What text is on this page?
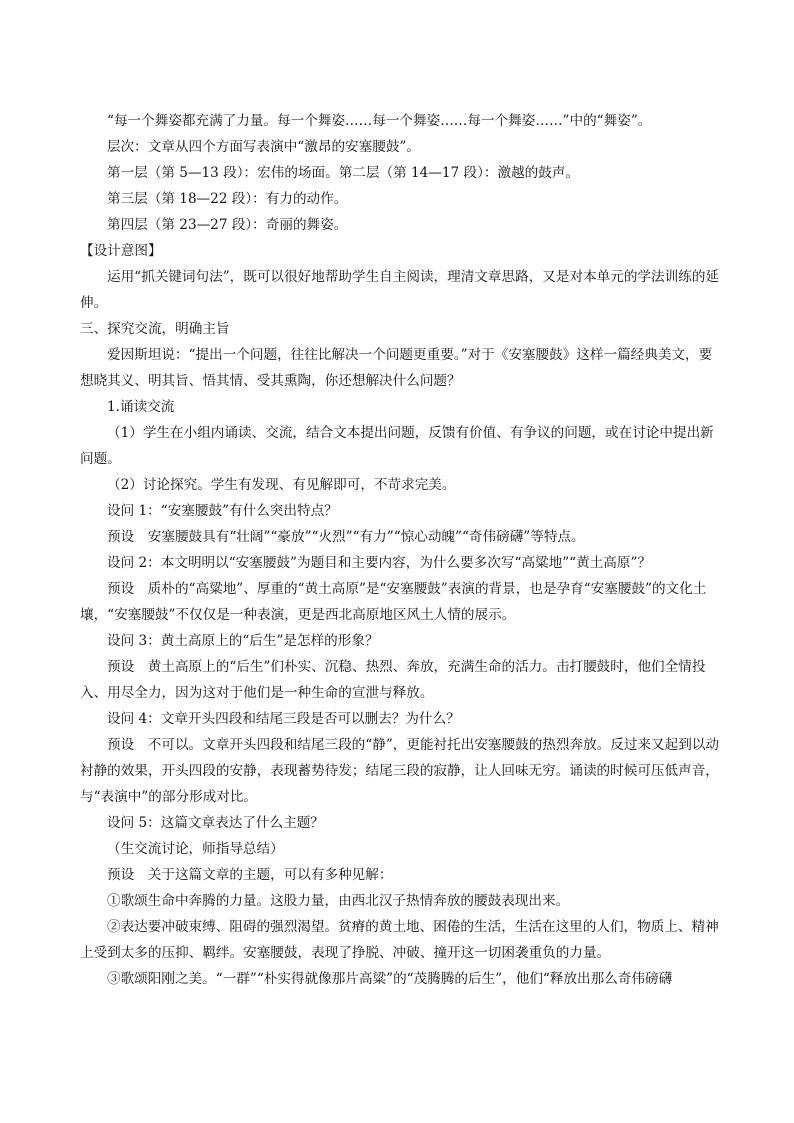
“每一个舞姿都充满了力量。每一个舞姿……每一个舞姿……每一个舞姿……”中的“舞姿”。

层次：文章从四个方面写表演中“激昂的安塞腰鼓”。

第一层（第 5—13 段）：宏伟的场面。第二层（第 14—17 段）：激越的鼓声。

第三层（第 18—22 段）：有力的动作。

第四层（第 23—27 段）：奇丽的舞姿。

【设计意图】

运用“抓关键词句法”，既可以很好地帮助学生自主阅读，理清文章思路，又是对本单元的学法训练的延伸。

三、探究交流，明确主旨

爱因斯坦说：“提出一个问题，往往比解决一个问题更重要。”对于《安塞腰鼓》这样一篇经典美文，要想晓其义、明其旨、悟其情、受其熏陶，你还想解决什么问题？

1.诵读交流

（1）学生在小组内诵读、交流，结合文本提出问题，反馈有价值、有争议的问题，或在讨论中提出新问题。

（2）讨论探究。学生有发现、有见解即可，不苛求完美。

设问 1：“安塞腰鼓”有什么突出特点？

预设　安塞腰鼓具有“壮阔”“豪放”“火烈”“有力”“惊心动魄”“奇伟磅礴”等特点。

设问 2：本文明明以“安塞腰鼓”为题目和主要内容，为什么要多次写“高粱地”“黄土高原”？

预设　质朴的“高粱地”、厚重的“黄土高原”是“安塞腰鼓”表演的背景，也是孕育“安塞腰鼓”的文化土壤，“安塞腰鼓”不仅仅是一种表演，更是西北高原地区风土人情的展示。

设问 3：黄土高原上的“后生”是怎样的形象？

预设　黄土高原上的“后生”们朴实、沉稳、热烈、奔放，充满生命的活力。击打腰鼓时，他们全情投入、用尽全力，因为这对于他们是一种生命的宣泄与释放。

设问 4：文章开头四段和结尾三段是否可以删去？为什么？

预设　不可以。文章开头四段和结尾三段的“静”，更能衬托出安塞腰鼓的热烈奔放。反过来又起到以动衬静的效果，开头四段的安静，表现蓄势待发；结尾三段的寂静，让人回味无穷。诵读的时候可压低声音，与“表演中”的部分形成对比。

设问 5：这篇文章表达了什么主题？

（生交流讨论，师指导总结）

预设　关于这篇文章的主题，可以有多种见解：

①歌颂生命中奔腾的力量。这股力量，由西北汉子热情奔放的腰鼓表现出来。

②表达要冲破束缚、阻碍的强烈渴望。贫瘠的黄土地、困倦的生活，生活在这里的人们，物质上、精神上受到太多的压抑、羁绊。安塞腰鼓，表现了挣脱、冲破、撞开这一切困袭重负的力量。

③歌颂阳刚之美。“一群”“朴实得就像那片高粱”的“茂腾腾的后生”，他们“释放出那么奇伟磅礴
